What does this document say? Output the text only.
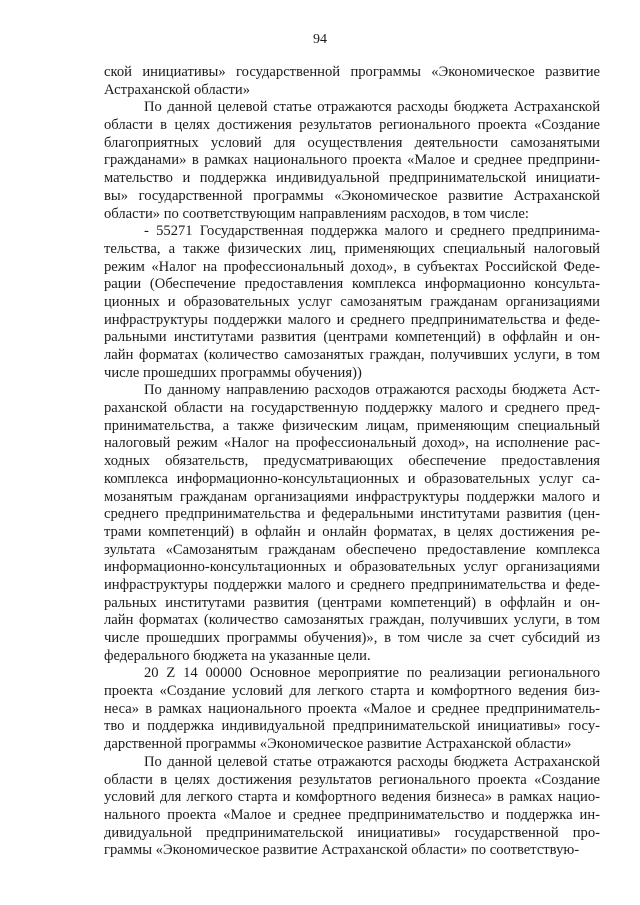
94
ской инициативы» государственной программы «Экономическое развитие
Астраханской области»
По данной целевой статье отражаются расходы бюджета Астраханской
области в целях достижения результатов регионального проекта «Создание
благоприятных условий для осуществления деятельности самозанятыми
гражданами» в рамках национального проекта «Малое и среднее предприни-
мательство и поддержка индивидуальной предпринимательской инициати-
вы» государственной программы «Экономическое развитие Астраханской
области» по соответствующим направлениям расходов, в том числе:
- 55271 Государственная поддержка малого и среднего предпринима-
тельства, а также физических лиц, применяющих специальный налоговый
режим «Налог на профессиональный доход», в субъектах Российской Феде-
рации (Обеспечение предоставления комплекса информационно консульта-
ционных и образовательных услуг самозанятым гражданам организациями
инфраструктуры поддержки малого и среднего предпринимательства и феде-
ральными институтами развития (центрами компетенций) в оффлайн и он-
лайн форматах (количество самозанятых граждан, получивших услуги, в том
числе прошедших программы обучения))
По данному направлению расходов отражаются расходы бюджета Аст-
раханской области на государственную поддержку малого и среднего пред-
принимательства, а также физическим лицам, применяющим специальный
налоговый режим «Налог на профессиональный доход», на исполнение рас-
ходных обязательств, предусматривающих обеспечение предоставления
комплекса информационно-консультационных и образовательных услуг са-
мозанятым гражданам организациями инфраструктуры поддержки малого и
среднего предпринимательства и федеральными институтами развития (цен-
трами компетенций) в офлайн и онлайн форматах, в целях достижения ре-
зультата «Самозанятым гражданам обеспечено предоставление комплекса
информационно-консультационных и образовательных услуг организациями
инфраструктуры поддержки малого и среднего предпринимательства и феде-
ральных институтами развития (центрами компетенций) в оффлайн и он-
лайн форматах (количество самозанятых граждан, получивших услуги, в том
числе прошедших программы обучения)», в том числе за счет субсидий из
федерального бюджета на указанные цели.
20 Z 14 00000 Основное мероприятие по реализации регионального
проекта «Создание условий для легкого старта и комфортного ведения биз-
неса» в рамках национального проекта «Малое и среднее предприниматель-
тво и поддержка индивидуальной предпринимательской инициативы» госу-
дарственной программы «Экономическое развитие Астраханской области»
По данной целевой статье отражаются расходы бюджета Астраханской
области в целях достижения результатов регионального проекта «Создание
условий для легкого старта и комфортного ведения бизнеса» в рамках нацио-
нального проекта «Малое и среднее предпринимательство и поддержка ин-
дивидуальной предпринимательской инициативы» государственной про-
граммы «Экономическое развитие Астраханской области» по соответствую-
